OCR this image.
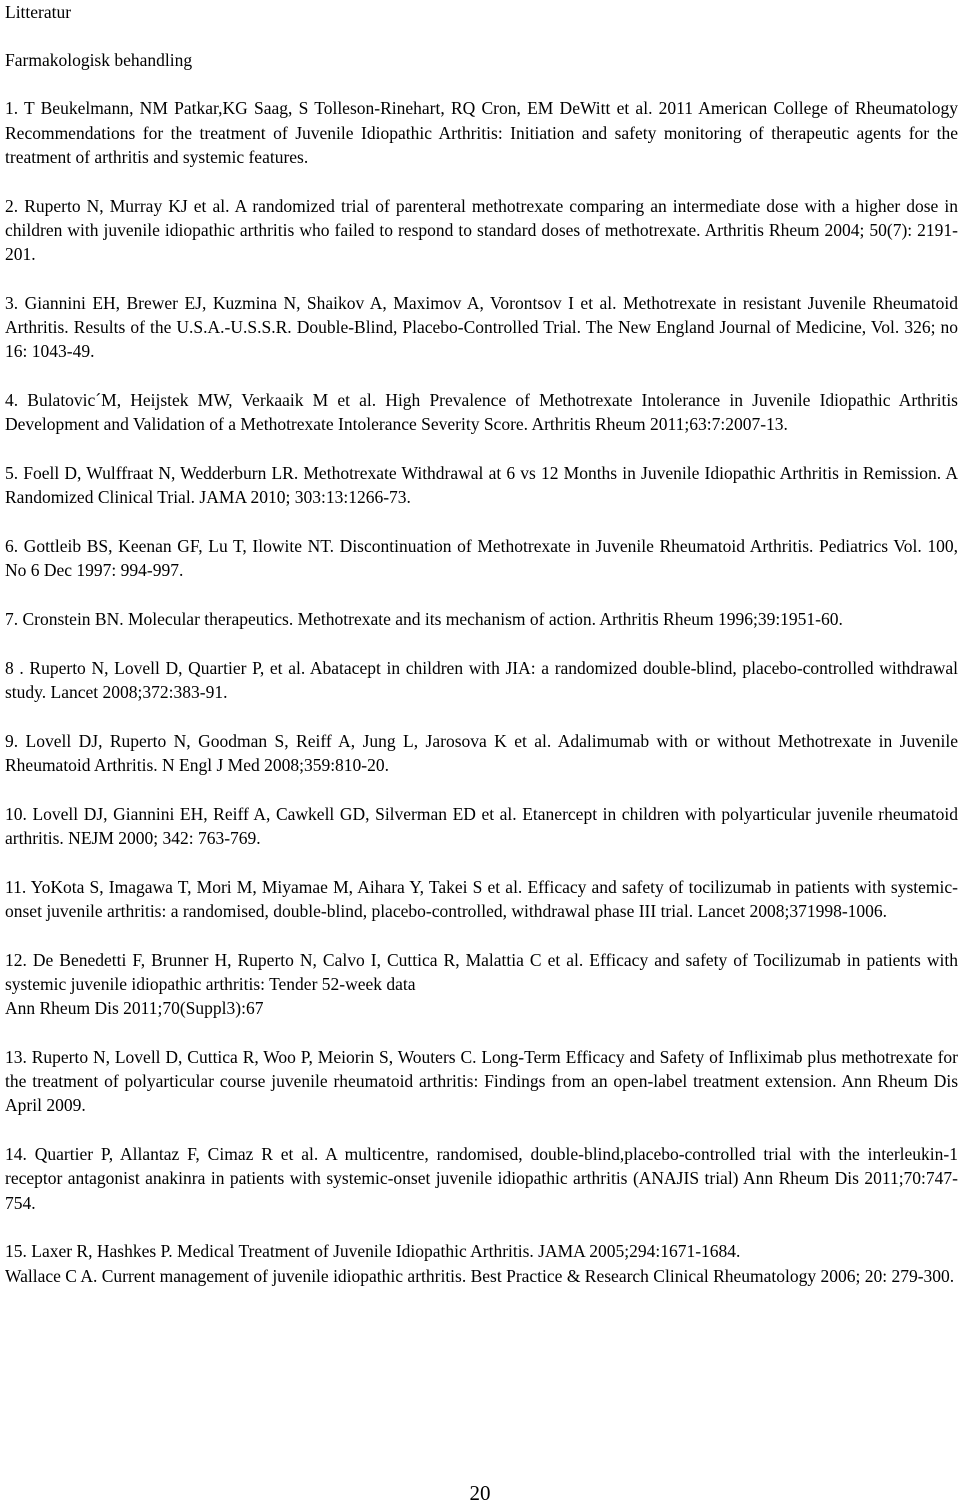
Litteratur

Farmakologisk behandling

1. T Beukelmann, NM Patkar,KG Saag, S Tolleson-Rinehart, RQ Cron, EM DeWitt et al. 2011 American College of Rheumatology Recommendations for the treatment of Juvenile Idiopathic Arthritis: Initiation and safety monitoring of therapeutic agents for the treatment of arthritis and systemic features.

2. Ruperto N, Murray KJ et al. A randomized trial of parenteral methotrexate comparing an intermediate dose with a higher dose in children with juvenile idiopathic arthritis who failed to respond to standard doses of methotrexate. Arthritis Rheum 2004; 50(7): 2191-201.

3. Giannini EH, Brewer EJ, Kuzmina N, Shaikov A, Maximov A, Vorontsov I et al. Methotrexate in resistant Juvenile Rheumatoid Arthritis. Results of the U.S.A.-U.S.S.R. Double-Blind, Placebo-Controlled Trial. The New England Journal of Medicine, Vol. 326; no 16: 1043-49.

4. Bulatovic´M, Heijstek MW, Verkaaik M et al. High Prevalence of Methotrexate Intolerance in Juvenile Idiopathic Arthritis Development and Validation of a Methotrexate Intolerance Severity Score. Arthritis Rheum 2011;63:7:2007-13.

5. Foell D, Wulffraat N, Wedderburn LR. Methotrexate Withdrawal at 6 vs 12 Months in Juvenile Idiopathic Arthritis in Remission. A Randomized Clinical Trial. JAMA 2010; 303:13:1266-73.

6. Gottleib BS, Keenan GF, Lu T, Ilowite NT. Discontinuation of Methotrexate in Juvenile Rheumatoid Arthritis. Pediatrics Vol. 100, No 6 Dec 1997: 994-997.

7. Cronstein BN. Molecular therapeutics. Methotrexate and its mechanism of action. Arthritis Rheum 1996;39:1951-60.

8 . Ruperto N, Lovell D, Quartier P, et al. Abatacept in children with JIA: a randomized double-blind, placebo-controlled withdrawal study. Lancet 2008;372:383-91.

9. Lovell DJ, Ruperto N, Goodman S, Reiff A, Jung L, Jarosova K et al. Adalimumab with or without Methotrexate in Juvenile Rheumatoid Arthritis. N Engl J Med 2008;359:810-20.

10. Lovell DJ, Giannini EH, Reiff A, Cawkell GD, Silverman ED et al. Etanercept in children with polyarticular juvenile rheumatoid arthritis. NEJM 2000; 342: 763-769.

11. YoKota S, Imagawa T, Mori M, Miyamae M, Aihara Y, Takei S et al. Efficacy and safety of tocilizumab in patients with systemic-onset juvenile arthritis: a randomised, double-blind, placebo-controlled, withdrawal phase III trial. Lancet 2008;371998-1006.

12. De Benedetti F, Brunner H, Ruperto N, Calvo I, Cuttica R, Malattia C et al. Efficacy and safety of Tocilizumab in patients with systemic juvenile idiopathic arthritis: Tender 52-week data
Ann Rheum Dis 2011;70(Suppl3):67

13. Ruperto N, Lovell D, Cuttica R, Woo P, Meiorin S, Wouters C. Long-Term Efficacy and Safety of Infliximab plus methotrexate for the treatment of polyarticular course juvenile rheumatoid arthritis: Findings from an open-label treatment extension. Ann Rheum Dis April 2009.

14. Quartier P, Allantaz F, Cimaz R et al. A multicentre, randomised, double-blind,placebo-controlled trial with the interleukin-1 receptor antagonist anakinra in patients with systemic-onset juvenile idiopathic arthritis (ANAJIS trial) Ann Rheum Dis 2011;70:747-754.

15. Laxer R, Hashkes P. Medical Treatment of Juvenile Idiopathic Arthritis. JAMA 2005;294:1671-1684.
Wallace C A. Current management of juvenile idiopathic arthritis. Best Practice & Research Clinical Rheumatology 2006; 20: 279-300.

20
